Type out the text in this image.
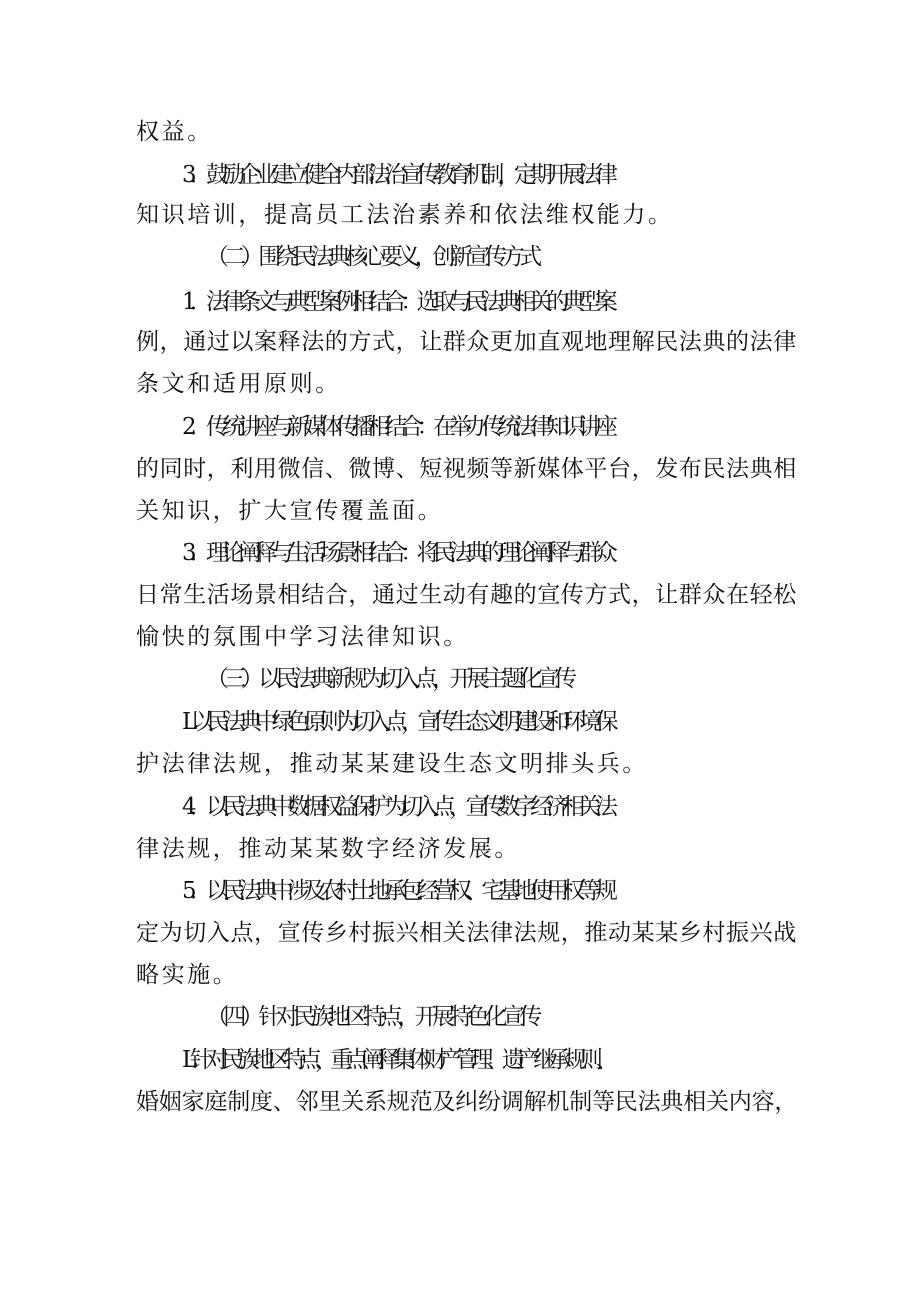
权益。
3．鼓励企业建立健全内部法治宣传教育机制，定期开展法律
知识培训，提高员工法治素养和依法维权能力。
（二）围绕民法典核心要义，创新宣传方式
1．法律条文与典型案例相结合：选取与民法典相关的典型案
例，通过以案释法的方式，让群众更加直观地理解民法典的法律
条文和适用原则。
2．传统讲座与新媒体传播相结合：在举办传统法律知识讲座
的同时，利用微信、微博、短视频等新媒体平台，发布民法典相
关知识，扩大宣传覆盖面。
3．理论阐释与生活场景相结合：将民法典的理论阐释与群众
日常生活场景相结合，通过生动有趣的宣传方式，让群众在轻松
愉快的氛围中学习法律知识。
（三）以民法典新规为切入点，开展主题化宣传
L以民法典中绿色原则为切入点，宣传生态文明建设和环境保
护法律法规，推动某某建设生态文明排头兵。
4．以民法典中数据权益保护为切入点，宣传数字经济相关法
律法规，推动某某数字经济发展。
5．以民法典中涉及农村土地承包经营权、宅基地使用权等规
定为切入点，宣传乡村振兴相关法律法规，推动某某乡村振兴战
略实施。
（四）针对民族地区特点，开展特色化宣传
L针对民族地区特点，重点阐释集体财产管理、遗产继承规则、
婚姻家庭制度、邻里关系规范及纠纷调解机制等民法典相关内容，
